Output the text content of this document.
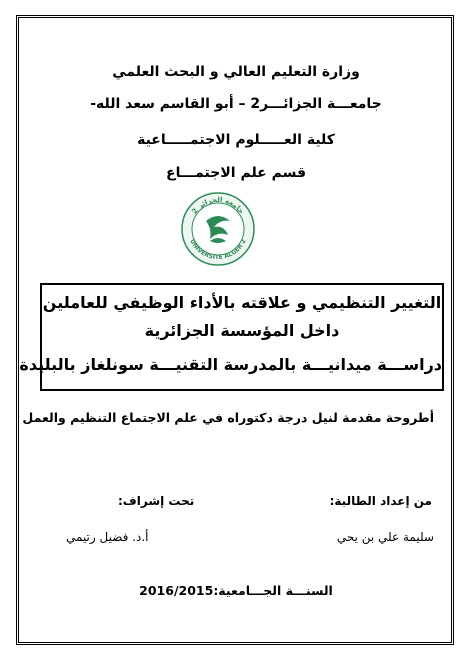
وزارة التعليم العالي و البحث العلمي
جامعـــة الجزائـــر2 – أبو القاسم سعد الله-
كلية العـــــلوم الاجتمـــــاعية
قسم علم الاجتمـــاع
جامعة الجزائر 2
UNIVERSITE ALGER 2
التغيير التنظيمي و علاقته بالأداء الوظيفي للعاملين
داخل المؤسسة الجزائرية
دراســـة ميدانيـــة بالمدرسة التقنيـــة سونلغاز بالبليدة
أطروحة مقدمة لنيل درجة دكتوراه في علم الاجتماع التنظيم والعمل
من إعداد الطالبة:
تحت إشراف:
سليمة علي بن يحي
أ.د. فضيل رتيمي
السنـــة الجـــامعية:2016/2015
